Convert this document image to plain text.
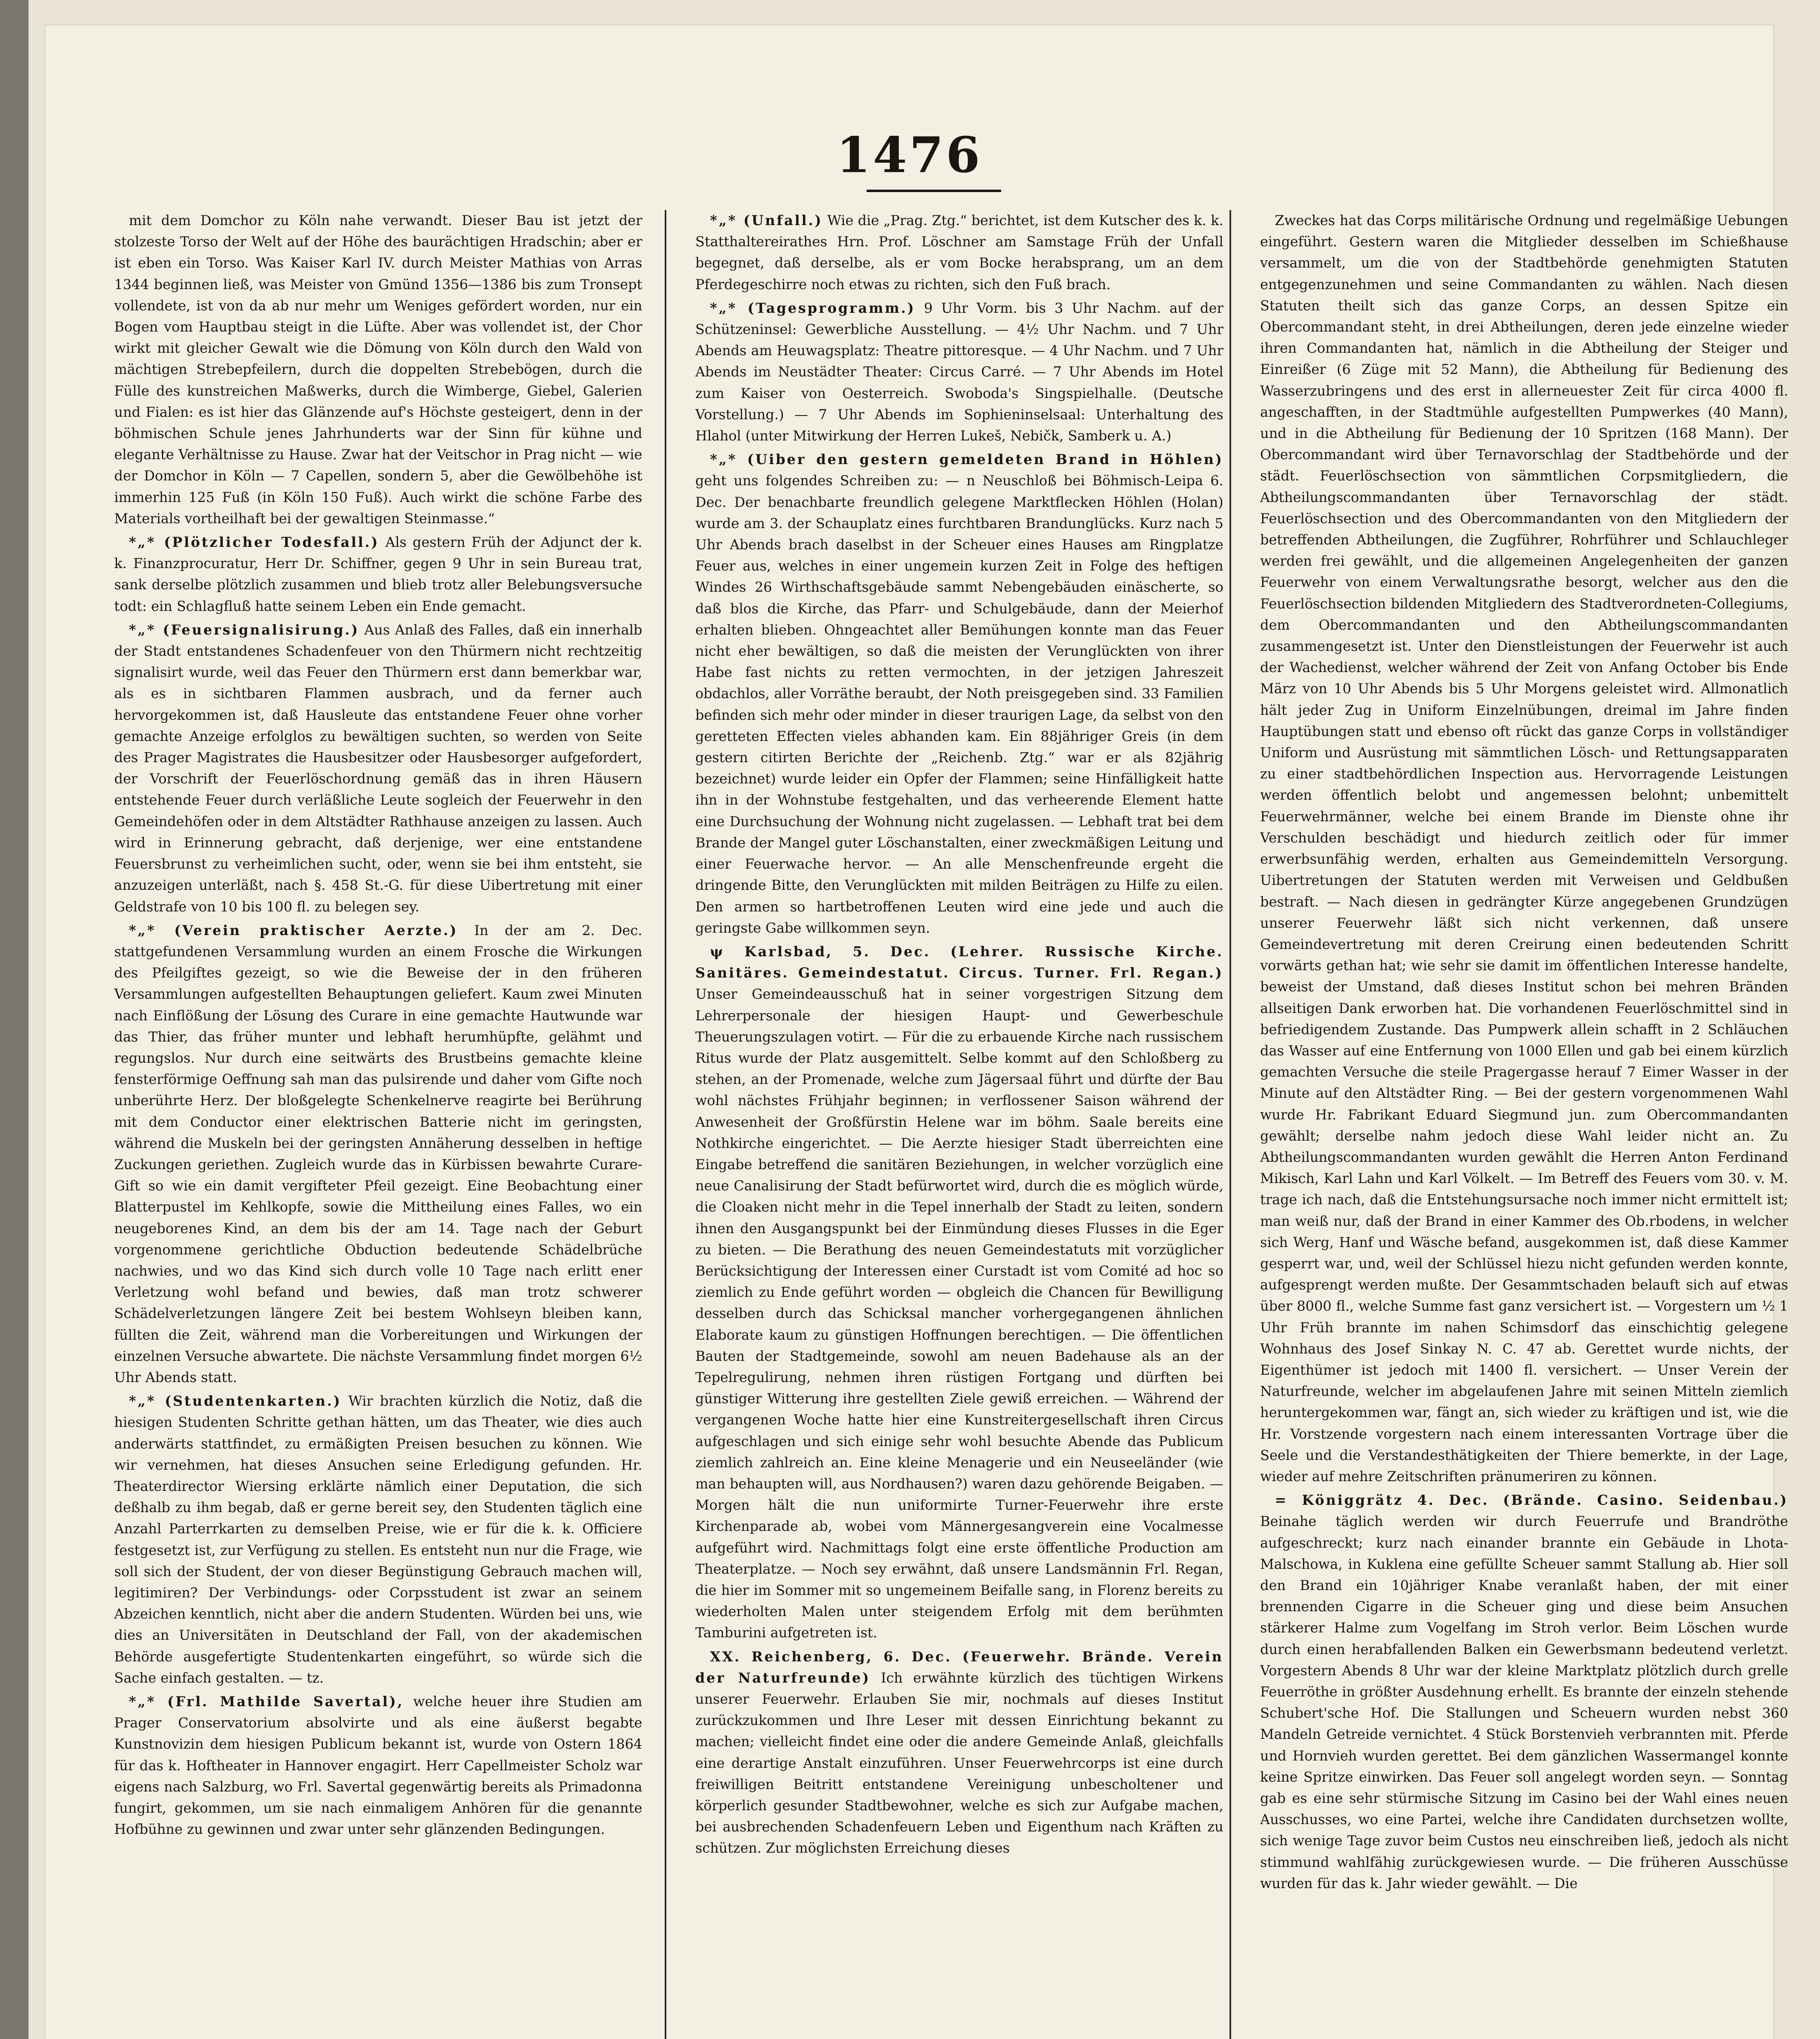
1476

mit dem Domchor zu Köln nahe verwandt. Dieser Bau ist jetzt der stolzeste Torso der Welt auf der Höhe des baurächtigen Hradschin; aber er ist eben ein Torso. Was Kaiser Karl IV. durch Meister Mathias von Arras 1344 beginnen ließ, was Meister von Gmünd 1356—1386 bis zum Tronsept vollendete, ist von da ab nur mehr um Weniges gefördert worden, nur ein Bogen vom Hauptbau steigt in die Lüfte. Aber was vollendet ist, der Chor wirkt mit gleicher Gewalt wie die Dömung von Köln durch den Wald von mächtigen Strebepfeilern, durch die doppelten Strebebögen, durch die Fülle des kunstreichen Maßwerks, durch die Wimberge, Giebel, Galerien und Fialen: es ist hier das Glänzende auf's Höchste gesteigert, denn in der böhmischen Schule jenes Jahrhunderts war der Sinn für kühne und elegante Verhältnisse zu Hause. Zwar hat der Veitschor in Prag nicht — wie der Domchor in Köln — 7 Capellen, sondern 5, aber die Gewölbehöhe ist immerhin 125 Fuß (in Köln 150 Fuß). Auch wirkt die schöne Farbe des Materials vortheilhaft bei der gewaltigen Steinmasse.“

*„* (Plötzlicher Todesfall.) Als gestern Früh der Adjunct der k. k. Finanzprocuratur, Herr Dr. Schiffner, gegen 9 Uhr in sein Bureau trat, sank derselbe plötzlich zusammen und blieb trotz aller Belebungsversuche todt: ein Schlagfluß hatte seinem Leben ein Ende gemacht.

*„* (Feuersignalisirung.) Aus Anlaß des Falles, daß ein innerhalb der Stadt entstandenes Schadenfeuer von den Thürmern nicht rechtzeitig signalisirt wurde, weil das Feuer den Thürmern erst dann bemerkbar war, als es in sichtbaren Flammen ausbrach, und da ferner auch hervorgekommen ist, daß Hausleute das entstandene Feuer ohne vorher gemachte Anzeige erfolglos zu bewältigen suchten, so werden von Seite des Prager Magistrates die Hausbesitzer oder Hausbesorger aufgefordert, der Vorschrift der Feuerlöschordnung gemäß das in ihren Häusern entstehende Feuer durch verläßliche Leute sogleich der Feuerwehr in den Gemeindehöfen oder in dem Altstädter Rathhause anzeigen zu lassen. Auch wird in Erinnerung gebracht, daß derjenige, wer eine entstandene Feuersbrunst zu verheimlichen sucht, oder, wenn sie bei ihm entsteht, sie anzuzeigen unterläßt, nach §. 458 St.-G. für diese Uibertretung mit einer Geldstrafe von 10 bis 100 fl. zu belegen sey.

*„* (Verein praktischer Aerzte.) In der am 2. Dec. stattgefundenen Versammlung wurden an einem Frosche die Wirkungen des Pfeilgiftes gezeigt, so wie die Beweise der in den früheren Versammlungen aufgestellten Behauptungen geliefert. Kaum zwei Minuten nach Einflößung der Lösung des Curare in eine gemachte Hautwunde war das Thier, das früher munter und lebhaft herumhüpfte, gelähmt und regungslos. Nur durch eine seitwärts des Brustbeins gemachte kleine fensterförmige Oeffnung sah man das pulsirende und daher vom Gifte noch unberührte Herz. Der bloßgelegte Schenkelnerve reagirte bei Berührung mit dem Conductor einer elektrischen Batterie nicht im geringsten, während die Muskeln bei der geringsten Annäherung desselben in heftige Zuckungen geriethen. Zugleich wurde das in Kürbissen bewahrte Curare-Gift so wie ein damit vergifteter Pfeil gezeigt. Eine Beobachtung einer Blatterpustel im Kehlkopfe, sowie die Mittheilung eines Falles, wo ein neugeborenes Kind, an dem bis der am 14. Tage nach der Geburt vorgenommene gerichtliche Obduction bedeutende Schädelbrüche nachwies, und wo das Kind sich durch volle 10 Tage nach erlitt ener Verletzung wohl befand und bewies, daß man trotz schwerer Schädelverletzungen längere Zeit bei bestem Wohlseyn bleiben kann, füllten die Zeit, während man die Vorbereitungen und Wirkungen der einzelnen Versuche abwartete. Die nächste Versammlung findet morgen 6½ Uhr Abends statt.

*„* (Studentenkarten.) Wir brachten kürzlich die Notiz, daß die hiesigen Studenten Schritte gethan hätten, um das Theater, wie dies auch anderwärts stattfindet, zu ermäßigten Preisen besuchen zu können. Wie wir vernehmen, hat dieses Ansuchen seine Erledigung gefunden. Hr. Theaterdirector Wiersing erklärte nämlich einer Deputation, die sich deßhalb zu ihm begab, daß er gerne bereit sey, den Studenten täglich eine Anzahl Parterrkarten zu demselben Preise, wie er für die k. k. Officiere festgesetzt ist, zur Verfügung zu stellen. Es entsteht nun nur die Frage, wie soll sich der Student, der von dieser Begünstigung Gebrauch machen will, legitimiren? Der Verbindungs- oder Corpsstudent ist zwar an seinem Abzeichen kenntlich, nicht aber die andern Studenten. Würden bei uns, wie dies an Universitäten in Deutschland der Fall, von der akademischen Behörde ausgefertigte Studentenkarten eingeführt, so würde sich die Sache einfach gestalten. — tz.

*„* (Frl. Mathilde Savertal), welche heuer ihre Studien am Prager Conservatorium absolvirte und als eine äußerst begabte Kunstnovizin dem hiesigen Publicum bekannt ist, wurde von Ostern 1864 für das k. Hoftheater in Hannover engagirt. Herr Capellmeister Scholz war eigens nach Salzburg, wo Frl. Savertal gegenwärtig bereits als Primadonna fungirt, gekommen, um sie nach einmaligem Anhören für die genannte Hofbühne zu gewinnen und zwar unter sehr glänzenden Bedingungen.

*„* (Unfall.) Wie die „Prag. Ztg.“ berichtet, ist dem Kutscher des k. k. Statthaltereirathes Hrn. Prof. Löschner am Samstage Früh der Unfall begegnet, daß derselbe, als er vom Bocke herabsprang, um an dem Pferdegeschirre noch etwas zu richten, sich den Fuß brach.

*„* (Tagesprogramm.) 9 Uhr Vorm. bis 3 Uhr Nachm. auf der Schützeninsel: Gewerbliche Ausstellung. — 4½ Uhr Nachm. und 7 Uhr Abends am Heuwagsplatz: Theatre pittoresque. — 4 Uhr Nachm. und 7 Uhr Abends im Neustädter Theater: Circus Carré. — 7 Uhr Abends im Hotel zum Kaiser von Oesterreich. Swoboda's Singspielhalle. (Deutsche Vorstellung.) — 7 Uhr Abends im Sophieninselsaal: Unterhaltung des Hlahol (unter Mitwirkung der Herren Lukeš, Nebičk, Samberk u. A.)

*„* (Uiber den gestern gemeldeten Brand in Höhlen) geht uns folgendes Schreiben zu: — n Neuschloß bei Böhmisch-Leipa 6. Dec. Der benachbarte freundlich gelegene Marktflecken Höhlen (Holan) wurde am 3. der Schauplatz eines furchtbaren Brandunglücks. Kurz nach 5 Uhr Abends brach daselbst in der Scheuer eines Hauses am Ringplatze Feuer aus, welches in einer ungemein kurzen Zeit in Folge des heftigen Windes 26 Wirthschaftsgebäude sammt Nebengebäuden einäscherte, so daß blos die Kirche, das Pfarr- und Schulgebäude, dann der Meierhof erhalten blieben. Ohngeachtet aller Bemühungen konnte man das Feuer nicht eher bewältigen, so daß die meisten der Verunglückten von ihrer Habe fast nichts zu retten vermochten, in der jetzigen Jahreszeit obdachlos, aller Vorräthe beraubt, der Noth preisgegeben sind. 33 Familien befinden sich mehr oder minder in dieser traurigen Lage, da selbst von den geretteten Effecten vieles abhanden kam. Ein 88jähriger Greis (in dem gestern citirten Berichte der „Reichenb. Ztg.“ war er als 82jährig bezeichnet) wurde leider ein Opfer der Flammen; seine Hinfälligkeit hatte ihn in der Wohnstube festgehalten, und das verheerende Element hatte eine Durchsuchung der Wohnung nicht zugelassen. — Lebhaft trat bei dem Brande der Mangel guter Löschanstalten, einer zweckmäßigen Leitung und einer Feuerwache hervor. — An alle Menschenfreunde ergeht die dringende Bitte, den Verunglückten mit milden Beiträgen zu Hilfe zu eilen. Den armen so hartbetroffenen Leuten wird eine jede und auch die geringste Gabe willkommen seyn.

ψ Karlsbad, 5. Dec. (Lehrer. Russische Kirche. Sanitäres. Gemeindestatut. Circus. Turner. Frl. Regan.) Unser Gemeindeausschuß hat in seiner vorgestrigen Sitzung dem Lehrerpersonale der hiesigen Haupt- und Gewerbeschule Theuerungszulagen votirt. — Für die zu erbauende Kirche nach russischem Ritus wurde der Platz ausgemittelt. Selbe kommt auf den Schloßberg zu stehen, an der Promenade, welche zum Jägersaal führt und dürfte der Bau wohl nächstes Frühjahr beginnen; in verflossener Saison während der Anwesenheit der Großfürstin Helene war im böhm. Saale bereits eine Nothkirche eingerichtet. — Die Aerzte hiesiger Stadt überreichten eine Eingabe betreffend die sanitären Beziehungen, in welcher vorzüglich eine neue Canalisirung der Stadt befürwortet wird, durch die es möglich würde, die Cloaken nicht mehr in die Tepel innerhalb der Stadt zu leiten, sondern ihnen den Ausgangspunkt bei der Einmündung dieses Flusses in die Eger zu bieten. — Die Berathung des neuen Gemeindestatuts mit vorzüglicher Berücksichtigung der Interessen einer Curstadt ist vom Comité ad hoc so ziemlich zu Ende geführt worden — obgleich die Chancen für Bewilligung desselben durch das Schicksal mancher vorhergegangenen ähnlichen Elaborate kaum zu günstigen Hoffnungen berechtigen. — Die öffentlichen Bauten der Stadtgemeinde, sowohl am neuen Badehause als an der Tepelregulirung, nehmen ihren rüstigen Fortgang und dürften bei günstiger Witterung ihre gestellten Ziele gewiß erreichen. — Während der vergangenen Woche hatte hier eine Kunstreitergesellschaft ihren Circus aufgeschlagen und sich einige sehr wohl besuchte Abende das Publicum ziemlich zahlreich an. Eine kleine Menagerie und ein Neuseeländer (wie man behaupten will, aus Nordhausen?) waren dazu gehörende Beigaben. — Morgen hält die nun uniformirte Turner-Feuerwehr ihre erste Kirchenparade ab, wobei vom Männergesangverein eine Vocalmesse aufgeführt wird. Nachmittags folgt eine erste öffentliche Production am Theaterplatze. — Noch sey erwähnt, daß unsere Landsmännin Frl. Regan, die hier im Sommer mit so ungemeinem Beifalle sang, in Florenz bereits zu wiederholten Malen unter steigendem Erfolg mit dem berühmten Tamburini aufgetreten ist.

XX. Reichenberg, 6. Dec. (Feuerwehr. Brände. Verein der Naturfreunde) Ich erwähnte kürzlich des tüchtigen Wirkens unserer Feuerwehr. Erlauben Sie mir, nochmals auf dieses Institut zurückzukommen und Ihre Leser mit dessen Einrichtung bekannt zu machen; vielleicht findet eine oder die andere Gemeinde Anlaß, gleichfalls eine derartige Anstalt einzuführen. Unser Feuerwehrcorps ist eine durch freiwilligen Beitritt entstandene Vereinigung unbescholtener und körperlich gesunder Stadtbewohner, welche es sich zur Aufgabe machen, bei ausbrechenden Schadenfeuern Leben und Eigenthum nach Kräften zu schützen. Zur möglichsten Erreichung dieses

Zweckes hat das Corps militärische Ordnung und regelmäßige Uebungen eingeführt. Gestern waren die Mitglieder desselben im Schießhause versammelt, um die von der Stadtbehörde genehmigten Statuten entgegenzunehmen und seine Commandanten zu wählen. Nach diesen Statuten theilt sich das ganze Corps, an dessen Spitze ein Obercommandant steht, in drei Abtheilungen, deren jede einzelne wieder ihren Commandanten hat, nämlich in die Abtheilung der Steiger und Einreißer (6 Züge mit 52 Mann), die Abtheilung für Bedienung des Wasserzubringens und des erst in allerneuester Zeit für circa 4000 fl. angeschafften, in der Stadtmühle aufgestellten Pumpwerkes (40 Mann), und in die Abtheilung für Bedienung der 10 Spritzen (168 Mann). Der Obercommandant wird über Ternavorschlag der Stadtbehörde und der städt. Feuerlöschsection von sämmtlichen Corpsmitgliedern, die Abtheilungscommandanten über Ternavorschlag der städt. Feuerlöschsection und des Obercommandanten von den Mitgliedern der betreffenden Abtheilungen, die Zugführer, Rohrführer und Schlauchleger werden frei gewählt, und die allgemeinen Angelegenheiten der ganzen Feuerwehr von einem Verwaltungsrathe besorgt, welcher aus den die Feuerlöschsection bildenden Mitgliedern des Stadtverordneten-Collegiums, dem Obercommandanten und den Abtheilungscommandanten zusammengesetzt ist. Unter den Dienstleistungen der Feuerwehr ist auch der Wachedienst, welcher während der Zeit von Anfang October bis Ende März von 10 Uhr Abends bis 5 Uhr Morgens geleistet wird. Allmonatlich hält jeder Zug in Uniform Einzelnübungen, dreimal im Jahre finden Hauptübungen statt und ebenso oft rückt das ganze Corps in vollständiger Uniform und Ausrüstung mit sämmtlichen Lösch- und Rettungsapparaten zu einer stadtbehördlichen Inspection aus. Hervorragende Leistungen werden öffentlich belobt und angemessen belohnt; unbemittelt Feuerwehrmänner, welche bei einem Brande im Dienste ohne ihr Verschulden beschädigt und hiedurch zeitlich oder für immer erwerbsunfähig werden, erhalten aus Gemeindemitteln Versorgung. Uibertretungen der Statuten werden mit Verweisen und Geldbußen bestraft. — Nach diesen in gedrängter Kürze angegebenen Grundzügen unserer Feuerwehr läßt sich nicht verkennen, daß unsere Gemeindevertretung mit deren Creirung einen bedeutenden Schritt vorwärts gethan hat; wie sehr sie damit im öffentlichen Interesse handelte, beweist der Umstand, daß dieses Institut schon bei mehren Bränden allseitigen Dank erworben hat. Die vorhandenen Feuerlöschmittel sind in befriedigendem Zustande. Das Pumpwerk allein schafft in 2 Schläuchen das Wasser auf eine Entfernung von 1000 Ellen und gab bei einem kürzlich gemachten Versuche die steile Pragergasse herauf 7 Eimer Wasser in der Minute auf den Altstädter Ring. — Bei der gestern vorgenommenen Wahl wurde Hr. Fabrikant Eduard Siegmund jun. zum Obercommandanten gewählt; derselbe nahm jedoch diese Wahl leider nicht an. Zu Abtheilungscommandanten wurden gewählt die Herren Anton Ferdinand Mikisch, Karl Lahn und Karl Völkelt. — Im Betreff des Feuers vom 30. v. M. trage ich nach, daß die Entstehungsursache noch immer nicht ermittelt ist; man weiß nur, daß der Brand in einer Kammer des Ob.rbodens, in welcher sich Werg, Hanf und Wäsche befand, ausgekommen ist, daß diese Kammer gesperrt war, und, weil der Schlüssel hiezu nicht gefunden werden konnte, aufgesprengt werden mußte. Der Gesammtschaden belauft sich auf etwas über 8000 fl., welche Summe fast ganz versichert ist. — Vorgestern um ½ 1 Uhr Früh brannte im nahen Schimsdorf das einschichtig gelegene Wohnhaus des Josef Sinkay N. C. 47 ab. Gerettet wurde nichts, der Eigenthümer ist jedoch mit 1400 fl. versichert. — Unser Verein der Naturfreunde, welcher im abgelaufenen Jahre mit seinen Mitteln ziemlich heruntergekommen war, fängt an, sich wieder zu kräftigen und ist, wie die Hr. Vorstzende vorgestern nach einem interessanten Vortrage über die Seele und die Verstandesthätigkeiten der Thiere bemerkte, in der Lage, wieder auf mehre Zeitschriften pränumeriren zu können.

= Königgrätz 4. Dec. (Brände. Casino. Seidenbau.) Beinahe täglich werden wir durch Feuerrufe und Brandröthe aufgeschreckt; kurz nach einander brannte ein Gebäude in Lhota-Malschowa, in Kuklena eine gefüllte Scheuer sammt Stallung ab. Hier soll den Brand ein 10jähriger Knabe veranlaßt haben, der mit einer brennenden Cigarre in die Scheuer ging und diese beim Ansuchen stärkerer Halme zum Vogelfang im Stroh verlor. Beim Löschen wurde durch einen herabfallenden Balken ein Gewerbsmann bedeutend verletzt. Vorgestern Abends 8 Uhr war der kleine Marktplatz plötzlich durch grelle Feuerröthe in größter Ausdehnung erhellt. Es brannte der einzeln stehende Schubert'sche Hof. Die Stallungen und Scheuern wurden nebst 360 Mandeln Getreide vernichtet. 4 Stück Borstenvieh verbrannten mit. Pferde und Hornvieh wurden gerettet. Bei dem gänzlichen Wassermangel konnte keine Spritze einwirken. Das Feuer soll angelegt worden seyn. — Sonntag gab es eine sehr stürmische Sitzung im Casino bei der Wahl eines neuen Ausschusses, wo eine Partei, welche ihre Candidaten durchsetzen wollte, sich wenige Tage zuvor beim Custos neu einschreiben ließ, jedoch als nicht stimmund wahlfähig zurückgewiesen wurde. — Die früheren Ausschüsse wurden für das k. Jahr wieder gewählt. — Die
